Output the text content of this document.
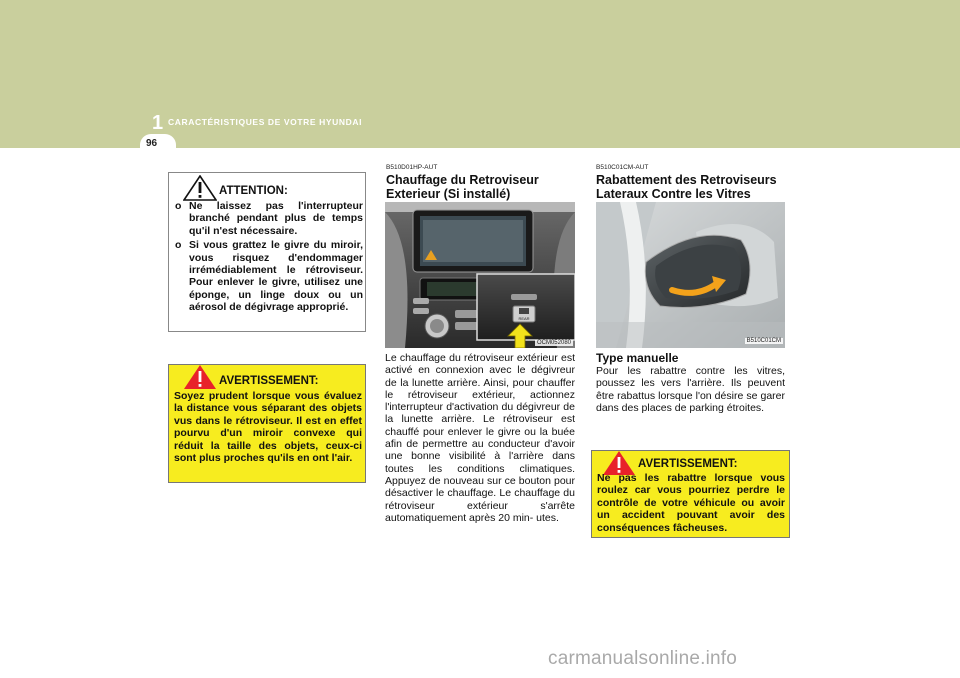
1 CARACTÉRISTIQUES DE VOTRE HYUNDAI
96
ATTENTION:
o Ne laissez pas l'interrupteur branché pendant plus de temps qu'il n'est nécessaire.
o Si vous grattez le givre du miroir, vous risquez d'endommager irrémédiablement le rétroviseur. Pour enlever le givre, utilisez une éponge, un linge doux ou un aérosol de dégivrage approprié.
AVERTISSEMENT:
Soyez prudent lorsque vous évaluez la distance vous séparant des objets vus dans le rétroviseur. Il est en effet pourvu d'un miroir convexe qui réduit la taille des objets, ceux-ci sont plus proches qu'ils en ont l'air.
B510D01HP-AUT
Chauffage du Retroviseur Exterieur (Si installé)
REAR
OCM052080
Le chauffage du rétroviseur extérieur est activé en connexion avec le dégivreur de la lunette arrière. Ainsi, pour chauffer le rétroviseur extérieur, actionnez l'interrupteur d'activation du dégivreur de la lunette arrière. Le rétroviseur est chauffé pour enlever le givre ou la buée afin de permettre au conducteur d'avoir une bonne visibilité à l'arrière dans toutes les conditions climatiques. Appuyez de nouveau sur ce bouton pour désactiver le chauffage. Le chauffage du rétroviseur extérieur s'arrête automatiquement après 20 min- utes.
B510C01CM-AUT
Rabattement des Retroviseurs Lateraux Contre les Vitres
B510C01CM
Type manuelle
Pour les rabattre contre les vitres, poussez les vers l'arrière. Ils peuvent être rabattus lorsque l'on désire se garer dans des places de parking étroites.
AVERTISSEMENT:
Ne pas les rabattre lorsque vous roulez car vous pourriez perdre le contrôle de votre véhicule ou avoir un accident pouvant avoir des conséquences fâcheuses.
carmanualsonline.info
